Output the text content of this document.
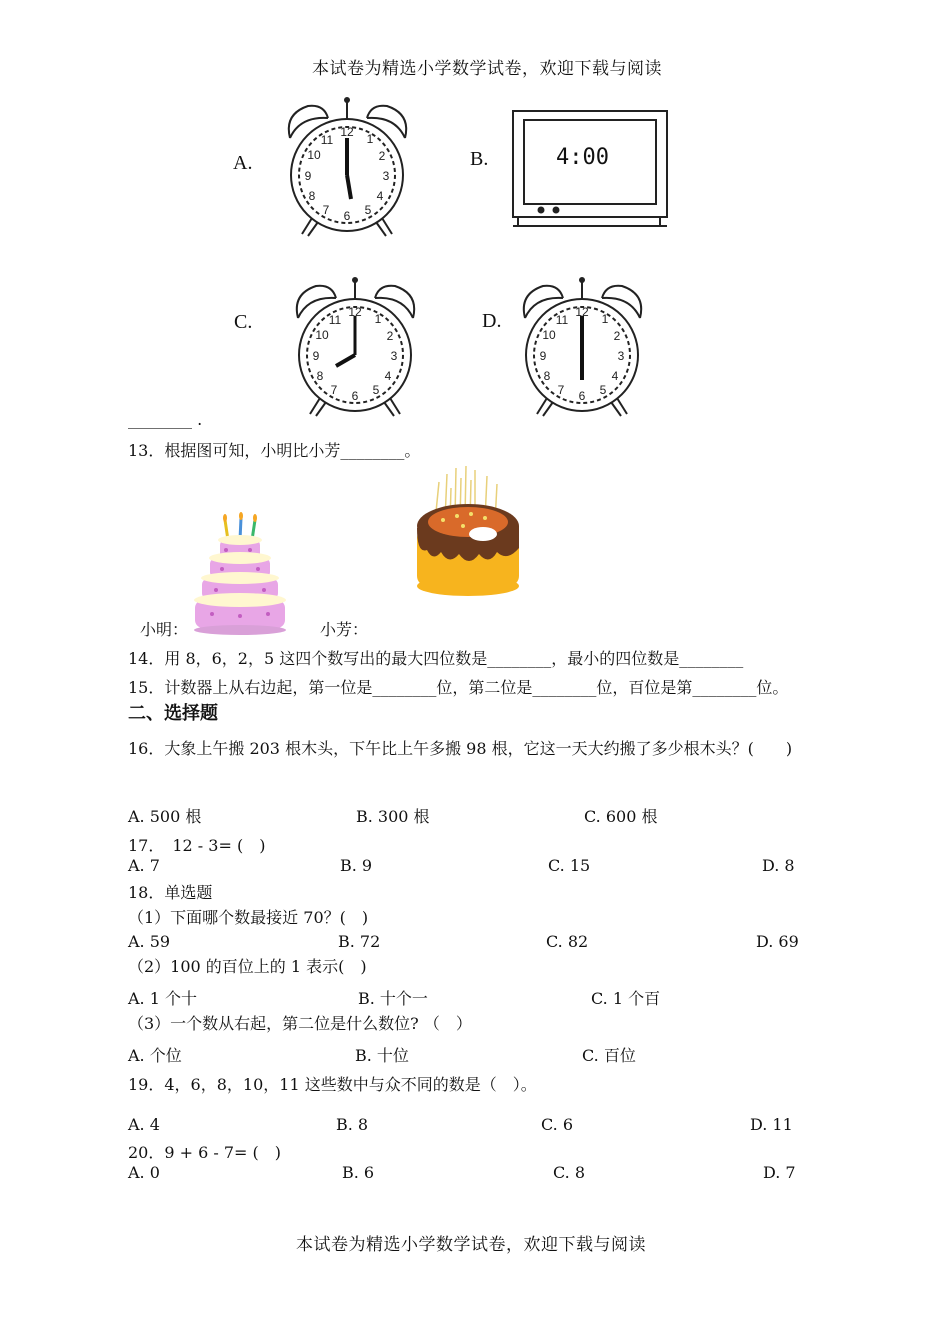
本试卷为精选小学数学试卷，欢迎下载与阅读
A.	B.
C.	D.
12 1
2
3
4
5
6
7
8
9
10
11
4:00
12 1
2
3
4
5
6
7
8
9
10
11
12 1
2
3
4
5
6
7
8
9
10
11
________ .
13．根据图可知，小明比小芳________。
小明：	小芳：
14．用 8，6，2，5 这四个数写出的最大四位数是________，最小的四位数是________
15．计数器上从右边起，第一位是________位，第二位是________位，百位是第________位。
二、选择题
16．大象上午搬 203 根木头，下午比上午多搬 98 根，它这一天大约搬了多少根木头？(　　)
A. 500 根	B. 300 根	C. 600 根
17．　12 - 3= (　)
A. 7	B. 9	C. 15	D. 8
18．单选题
（1）下面哪个数最接近 70？(　)
A. 59	B. 72	C. 82	D. 69
（2）100 的百位上的 1 表示(　)
A. 1 个十	B. 十个一	C. 1 个百
（3）一个数从右起，第二位是什么数位? （　）
A. 个位	B. 十位	C. 百位
19．4，6，8，10，11 这些数中与众不同的数是（　）。
A. 4	B. 8	C. 6	D. 11
20．9 + 6 - 7= (　)
A. 0	B. 6	C. 8	D. 7
本试卷为精选小学数学试卷，欢迎下载与阅读
